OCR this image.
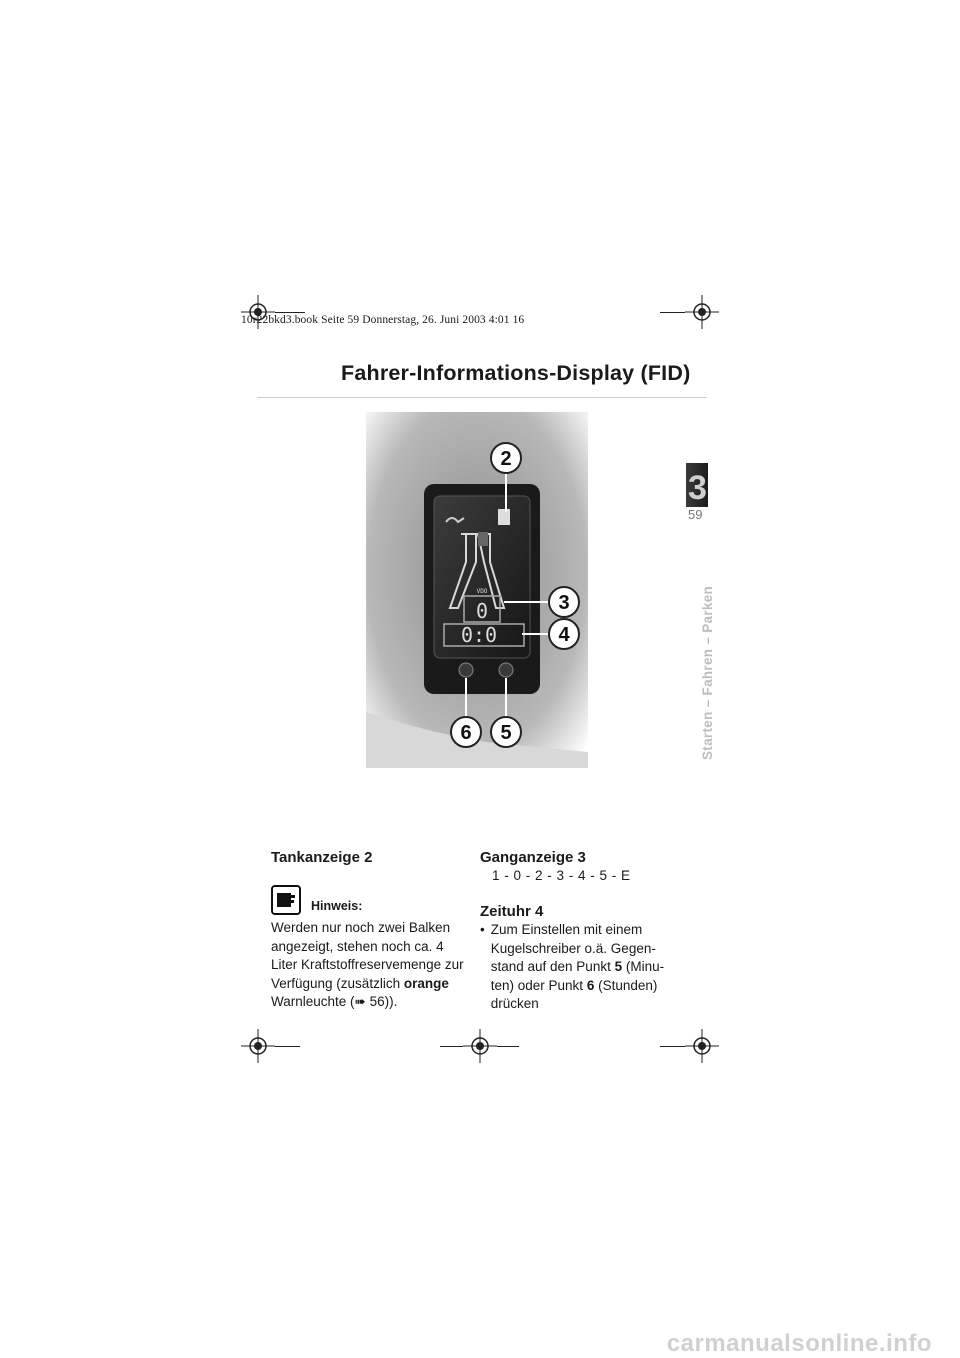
10r22bkd3.book Seite 59 Donnerstag, 26. Juni 2003 4:01 16
Fahrer-Informations-Display (FID)
3
59
Starten – Fahren – Parken
2
3
4
6 5
VDO
0
0:0
Tankanzeige 2
Hinweis:
Werden nur noch zwei Balken angezeigt, stehen noch ca. 4 Liter Kraftstoffreservemenge zur Verfügung (zusätzlich orange Warnleuchte (➠ 56)).
Ganganzeige 3
1 - 0 - 2 - 3 - 4 - 5 - E
Zeituhr 4
• Zum Einstellen mit einem Kugelschreiber o.ä. Gegen-stand auf den Punkt 5 (Minu-ten) oder Punkt 6 (Stunden) drücken
carmanualsonline.info
